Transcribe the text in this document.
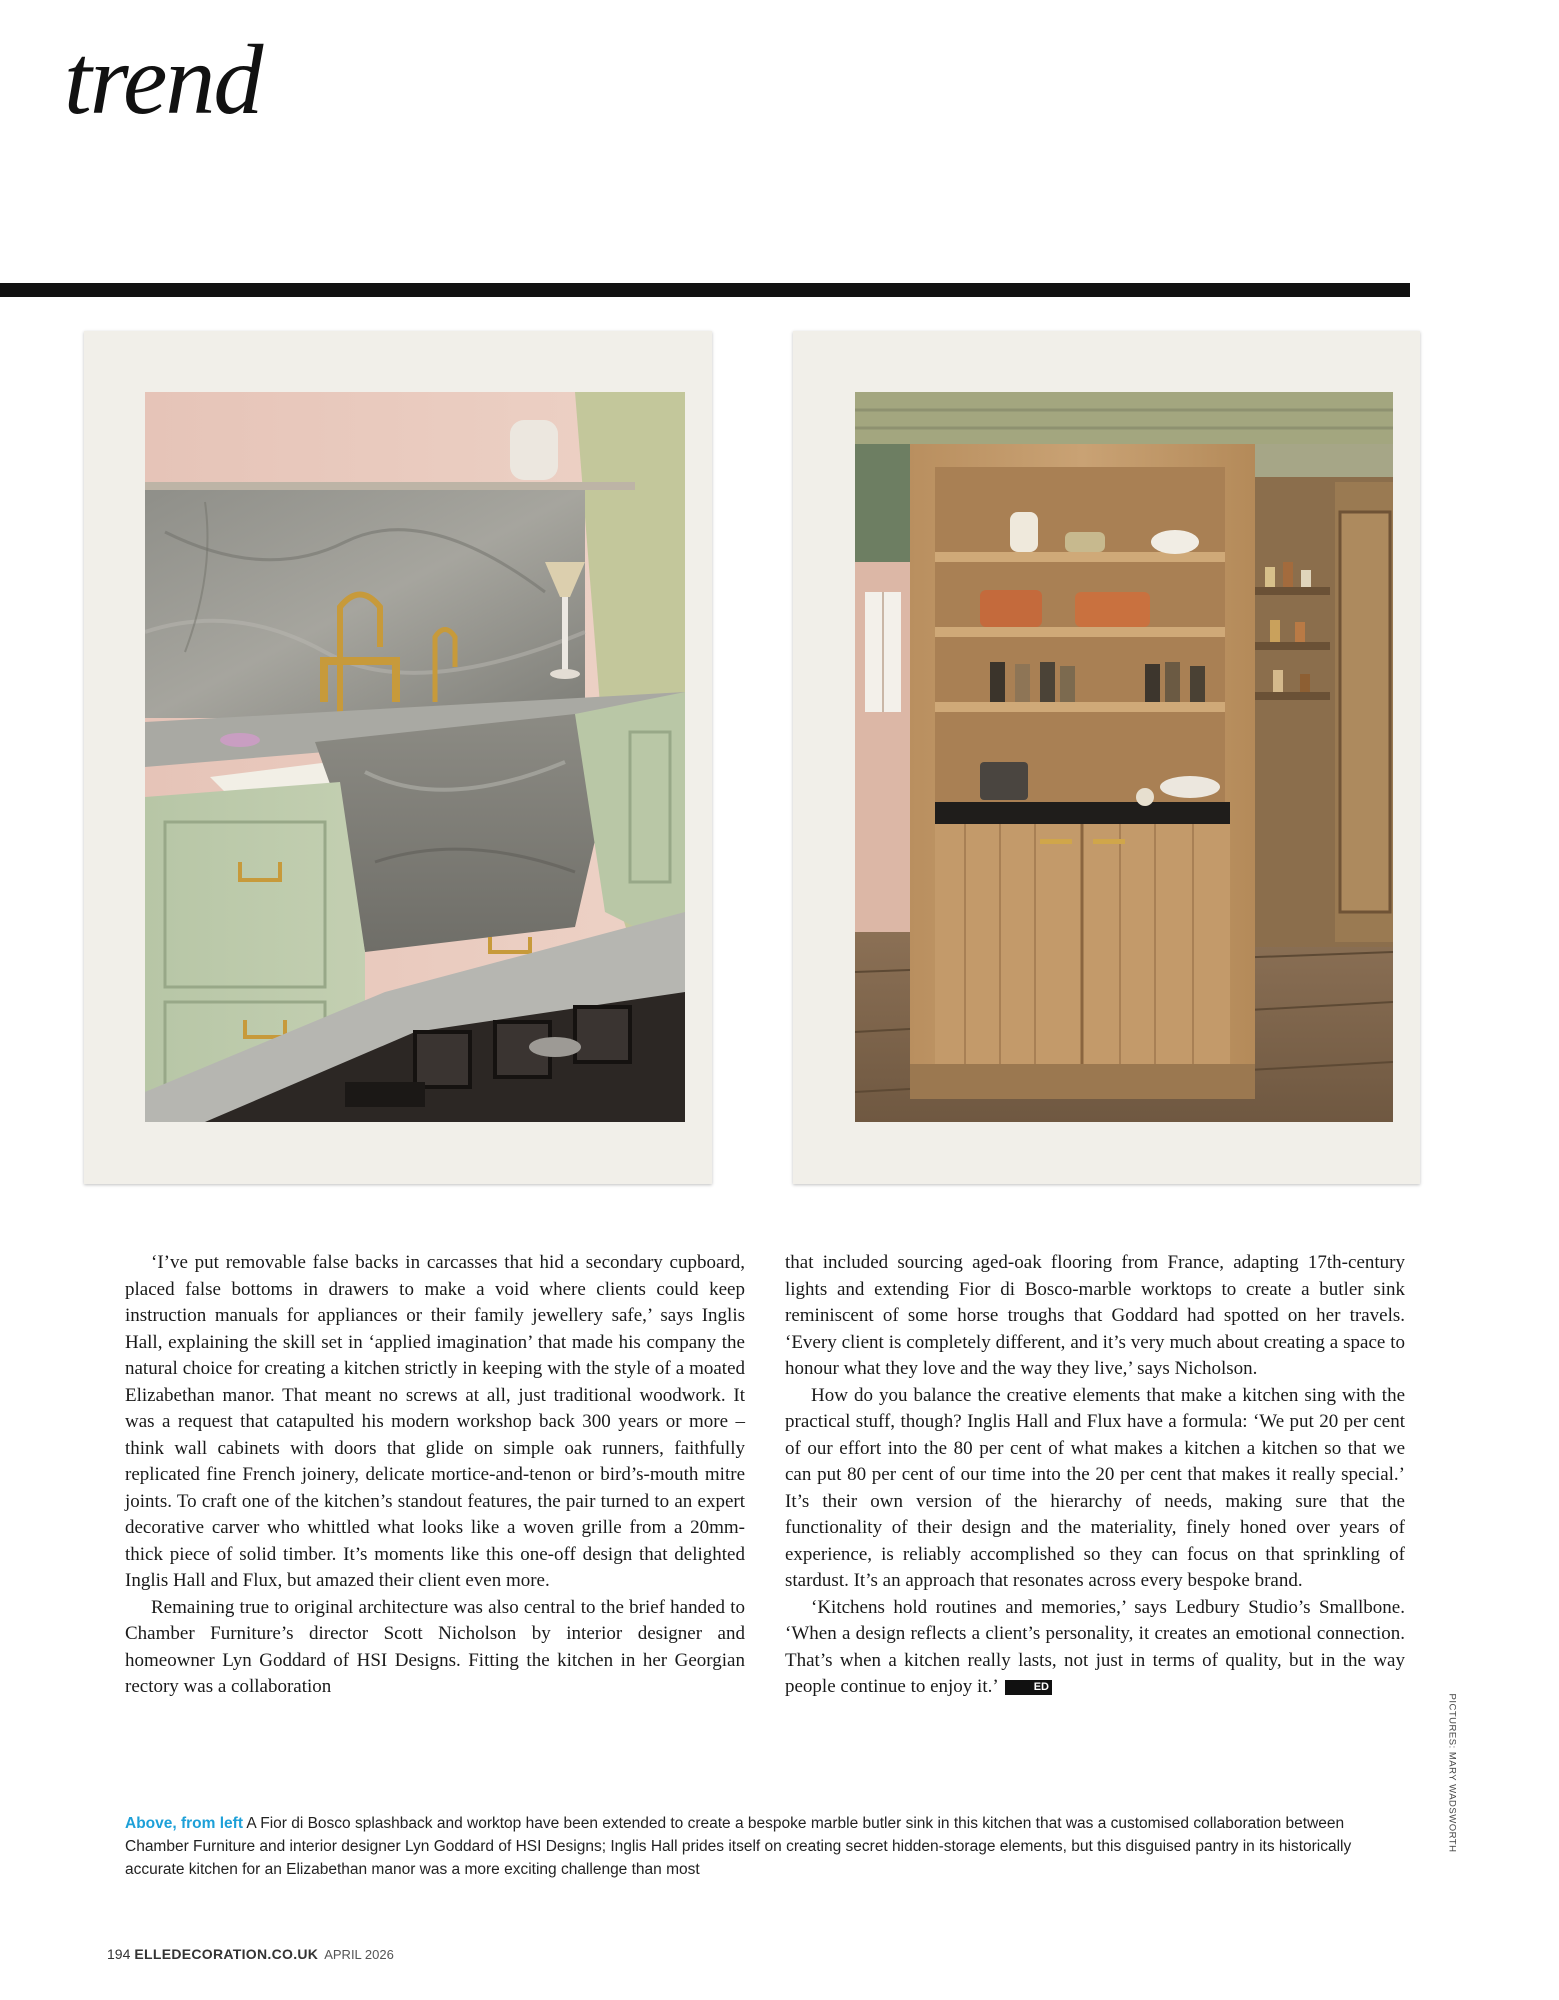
trend

‘I’ve put removable false backs in carcasses that hid a secondary cupboard, placed false bottoms in drawers to make a void where clients could keep instruction manuals for appliances or their family jewellery safe,’ says Inglis Hall, explaining the skill set in ‘applied imagination’ that made his company the natural choice for creating a kitchen strictly in keeping with the style of a moated Elizabethan manor. That meant no screws at all, just traditional woodwork. It was a request that catapulted his modern workshop back 300 years or more – think wall cabinets with doors that glide on simple oak runners, faithfully replicated fine French joinery, delicate mortice-and-tenon or bird’s-mouth mitre joints. To craft one of the kitchen’s standout features, the pair turned to an expert decorative carver who whittled what looks like a woven grille from a 20mm-thick piece of solid timber. It’s moments like this one-off design that delighted Inglis Hall and Flux, but amazed their client even more.

Remaining true to original architecture was also central to the brief handed to Chamber Furniture’s director Scott Nicholson by interior designer and homeowner Lyn Goddard of HSI Designs. Fitting the kitchen in her Georgian rectory was a collaboration

that included sourcing aged-oak flooring from France, adapting 17th-century lights and extending Fior di Bosco-marble worktops to create a butler sink reminiscent of some horse troughs that Goddard had spotted on her travels. ‘Every client is completely different, and it’s very much about creating a space to honour what they love and the way they live,’ says Nicholson.

How do you balance the creative elements that make a kitchen sing with the practical stuff, though? Inglis Hall and Flux have a formula: ‘We put 20 per cent of our effort into the 80 per cent of what makes a kitchen a kitchen so that we can put 80 per cent of our time into the 20 per cent that makes it really special.’ It’s their own version of the hierarchy of needs, making sure that the functionality of their design and the materiality, finely honed over years of experience, is reliably accomplished so they can focus on that sprinkling of stardust. It’s an approach that resonates across every bespoke brand.

‘Kitchens hold routines and memories,’ says Ledbury Studio’s Smallbone. ‘When a design reflects a client’s personality, it creates an emotional connection. That’s when a kitchen really lasts, not just in terms of quality, but in the way people continue to enjoy it.’	ED

Above, from left A Fior di Bosco splashback and worktop have been extended to create a bespoke marble butler sink in this kitchen that was a customised collaboration between Chamber Furniture and interior designer Lyn Goddard of HSI Designs; Inglis Hall prides itself on creating secret hidden-storage elements, but this disguised pantry in its historically accurate kitchen for an Elizabethan manor was a more exciting challenge than most
PICTURES: MARY WADSWORTH
194 ELLEDECORATION.CO.UK APRIL 2026
